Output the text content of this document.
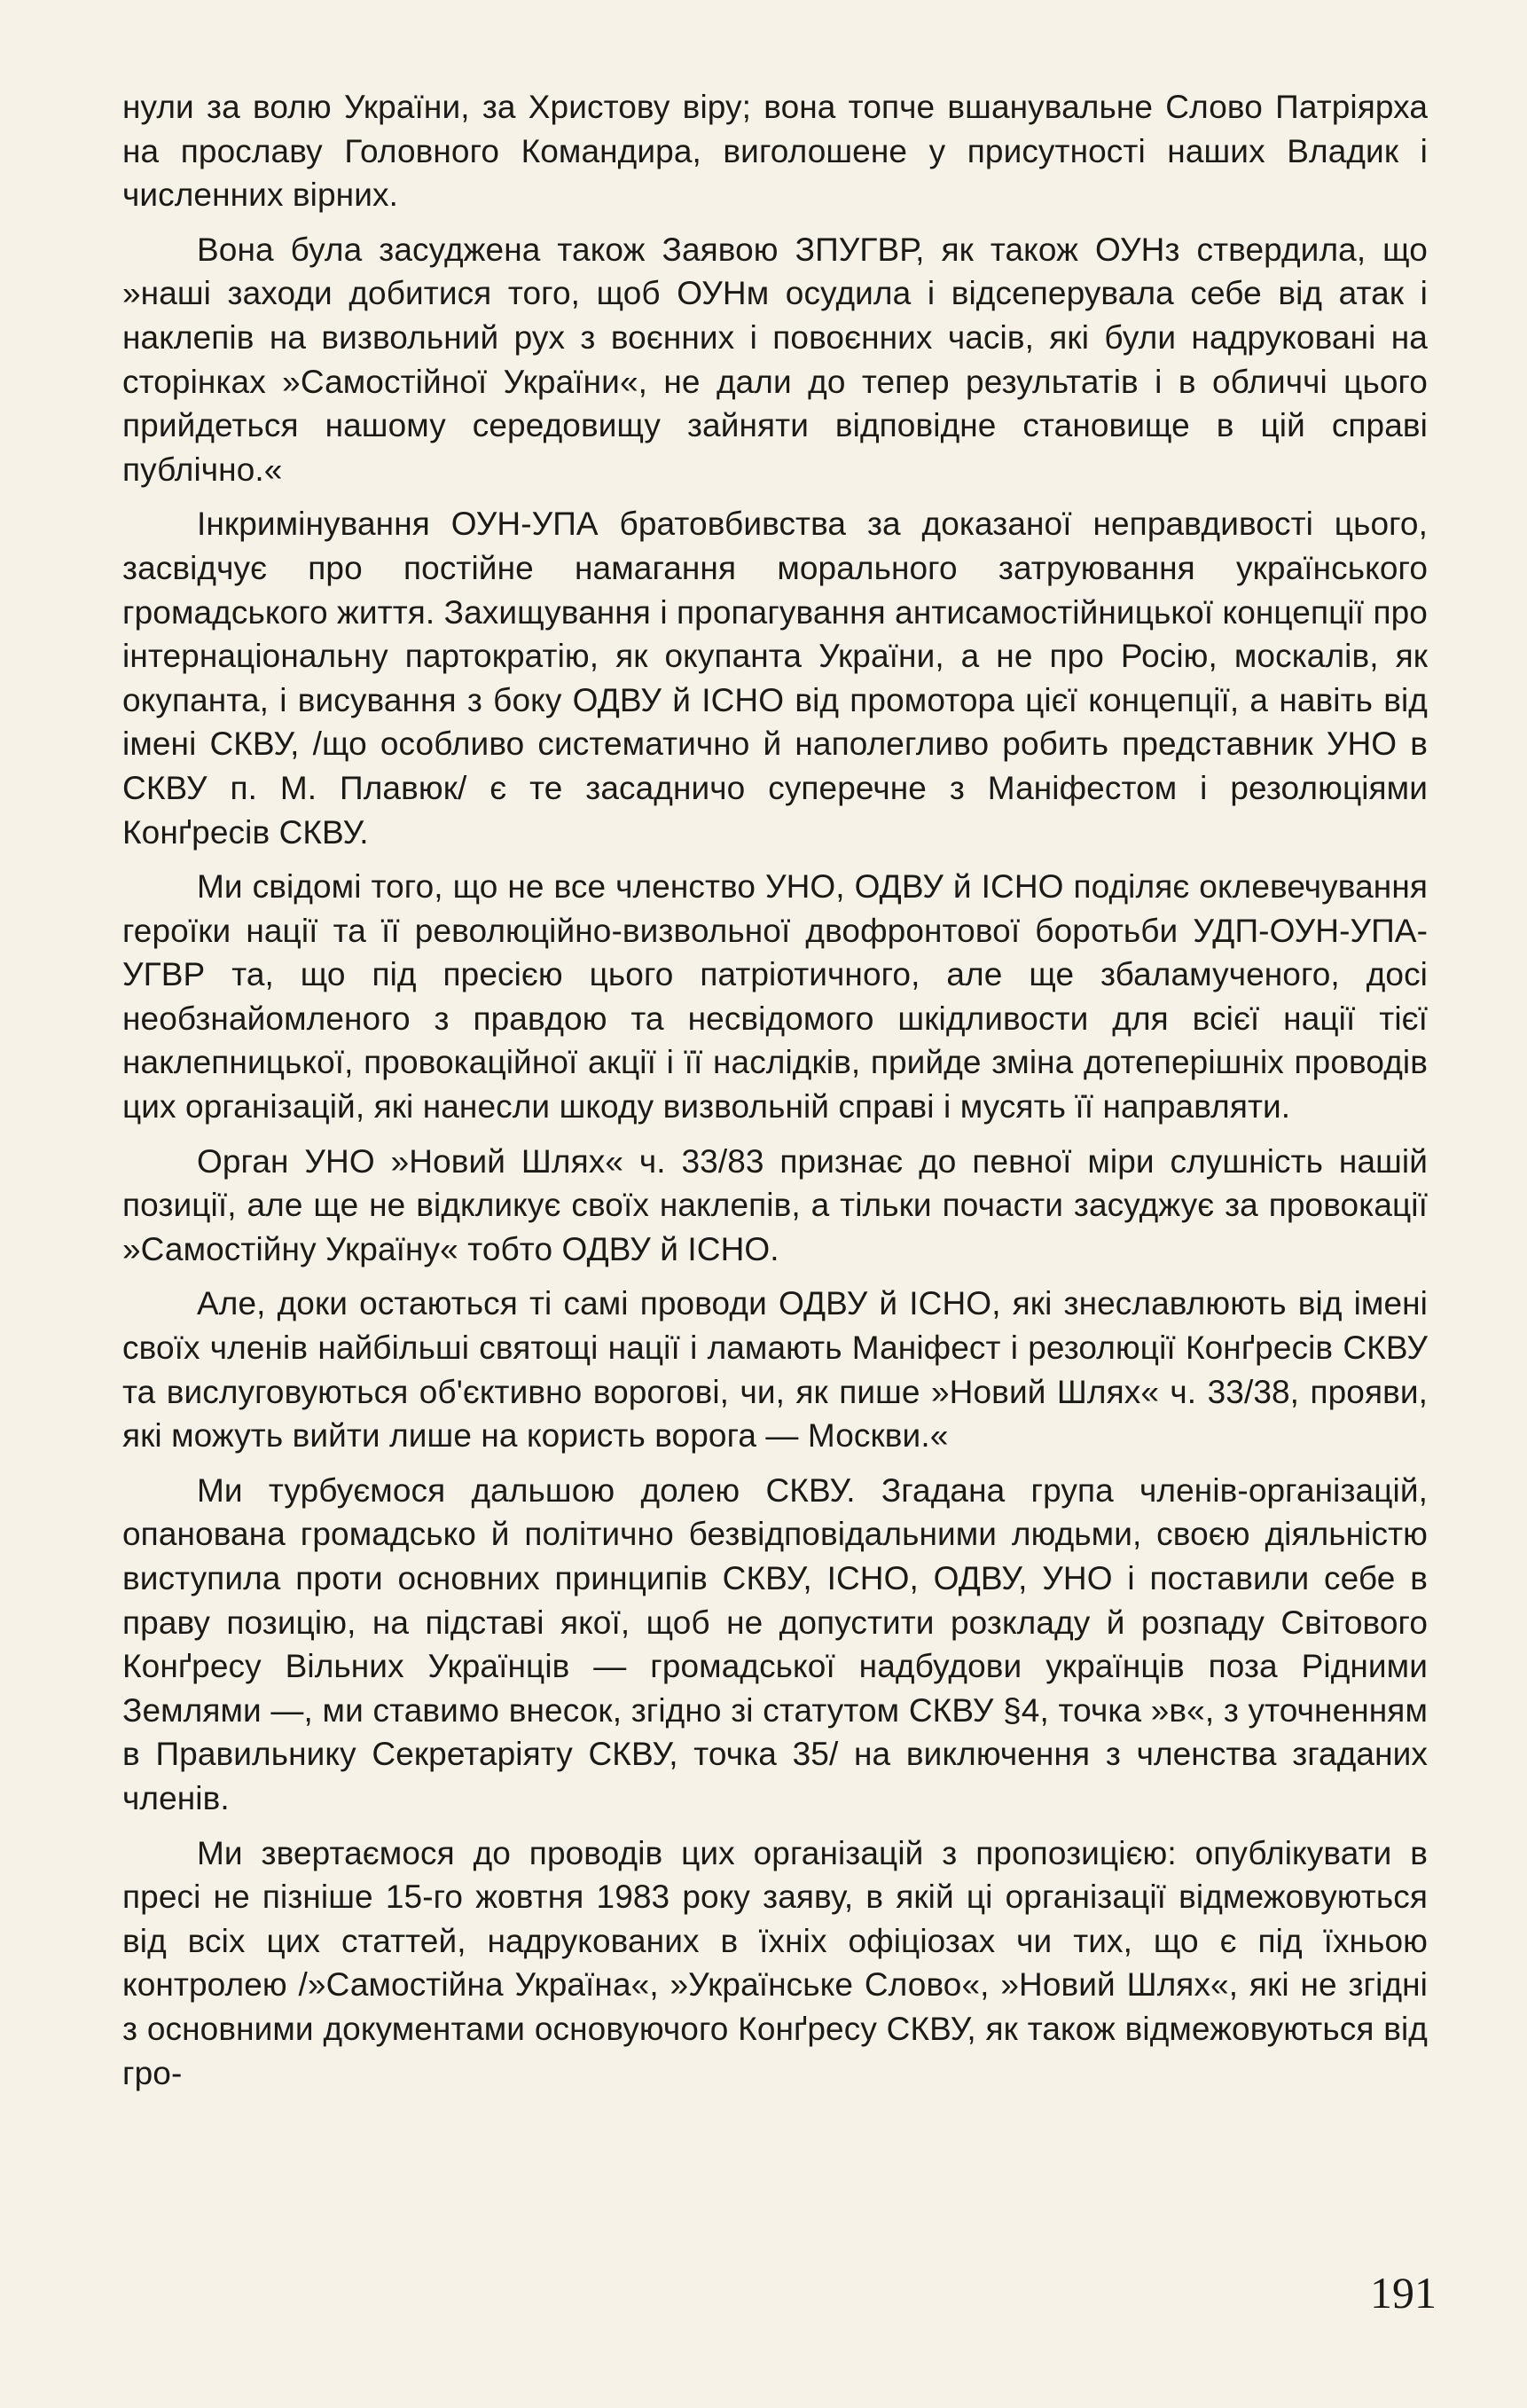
нули за волю України, за Христову віру; вона топче вшанувальне Слово Патріярха на прославу Головного Командира, виголошене у присутності наших Владик і численних вірних.

Вона була засуджена також Заявою ЗПУГВР, як також ОУНз ствердила, що »наші заходи добитися того, щоб ОУНм осудила і відсеперувала себе від атак і наклепів на визвольний рух з воєнних і повоєнних часів, які були надруковані на сторінках »Самостійної України«, не дали до тепер результатів і в обличчі цього прийдеться нашому середовищу зайняти відповідне становище в цій справі публічно.«

Інкримінування ОУН-УПА братовбивства за доказаної неправдивості цього, засвідчує про постійне намагання морального затруювання українського громадського життя. Захищування і пропагування антисамостійницької концепції про інтернаціональну партократію, як окупанта України, а не про Росію, москалів, як окупанта, і висування з боку ОДВУ й ІСНО від промотора цієї концепції, а навіть від імені СКВУ, /що особливо систематично й наполегливо робить представник УНО в СКВУ п. М. Плавюк/ є те засадничо суперечне з Маніфестом і резолюціями Конґресів СКВУ.

Ми свідомі того, що не все членство УНО, ОДВУ й ІСНО поділяє оклевечування героїки нації та її революційно-визвольної двофронтової боротьби УДП-ОУН-УПА-УГВР та, що під пресією цього патріотичного, але ще збаламученого, досі необзнайомленого з правдою та несвідомого шкідливости для всієї нації тієї наклепницької, провокаційної акції і її наслідків, прийде зміна дотеперішніх проводів цих організацій, які нанесли шкоду визвольній справі і мусять її направляти.

Орган УНО »Новий Шлях« ч. 33/83 признає до певної міри слушність нашій позиції, але ще не відкликує своїх наклепів, а тільки почасти засуджує за провокації »Самостійну Україну« тобто ОДВУ й ІСНО.

Але, доки остаються ті самі проводи ОДВУ й ІСНО, які знеславлюють від імені своїх членів найбільші святощі нації і ламають Маніфест і резолюції Конґресів СКВУ та вислуговуються об'єктивно ворогові, чи, як пише »Новий Шлях« ч. 33/38, прояви, які можуть вийти лише на користь ворога — Москви.«

Ми турбуємося дальшою долею СКВУ. Згадана група членів-організацій, опанована громадсько й політично безвідповідальними людьми, своєю діяльністю виступила проти основних принципів СКВУ, ІСНО, ОДВУ, УНО і поставили себе в праву позицію, на підставі якої, щоб не допустити розкладу й розпаду Світового Конґресу Вільних Українців — громадської надбудови українців поза Рідними Землями —, ми ставимо внесок, згідно зі статутом СКВУ §4, точка »в«, з уточненням в Правильнику Секретаріяту СКВУ, точка 35/ на виключення з членства згаданих членів.

Ми звертаємося до проводів цих організацій з пропозицією: опублікувати в пресі не пізніше 15-го жовтня 1983 року заяву, в якій ці організації відмежовуються від всіх цих статтей, надрукованих в їхніх офіціозах чи тих, що є під їхньою контролею /»Самостійна Україна«, »Українське Слово«, »Новий Шлях«, які не згідні з основними документами основуючого Конґресу СКВУ, як також відмежовуються від гро-

191
